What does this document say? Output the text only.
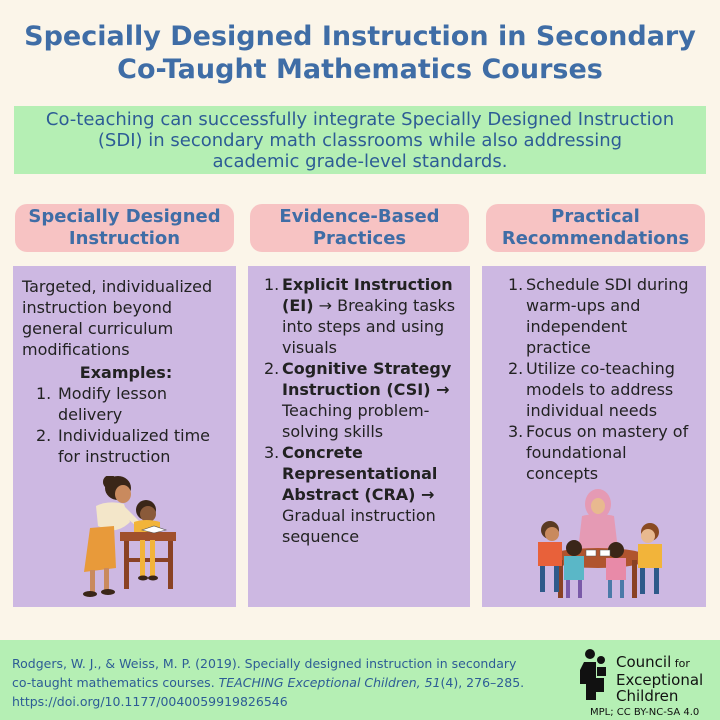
Specially Designed Instruction in Secondary
Co-Taught Mathematics Courses
Co-teaching can successfully integrate Specially Designed Instruction
(SDI) in secondary math classrooms while also addressing
academic grade-level standards.
Specially Designed
Instruction
Evidence-Based
Practices
Practical
Recommendations
Targeted, individualized
instruction beyond
general curriculum
modifications
Examples:
1. Modify lesson
delivery
2. Individualized time
for instruction
1. Explicit Instruction
(EI) → Breaking tasks
into steps and using
visuals
2. Cognitive Strategy
Instruction (CSI) →
Teaching problem-
solving skills
3. Concrete
Representational
Abstract (CRA) →
Gradual instruction
sequence
1. Schedule SDI during
warm-ups and
independent
practice
2. Utilize co-teaching
models to address
individual needs
3. Focus on mastery of
foundational
concepts
Rodgers, W. J., & Weiss, M. P. (2019). Specially designed instruction in secondary
co-taught mathematics courses. TEACHING Exceptional Children, 51(4), 276–285.
https://doi.org/10.1177/0040059919826546
Council for
Exceptional
Children
MPL; CC BY-NC-SA 4.0
